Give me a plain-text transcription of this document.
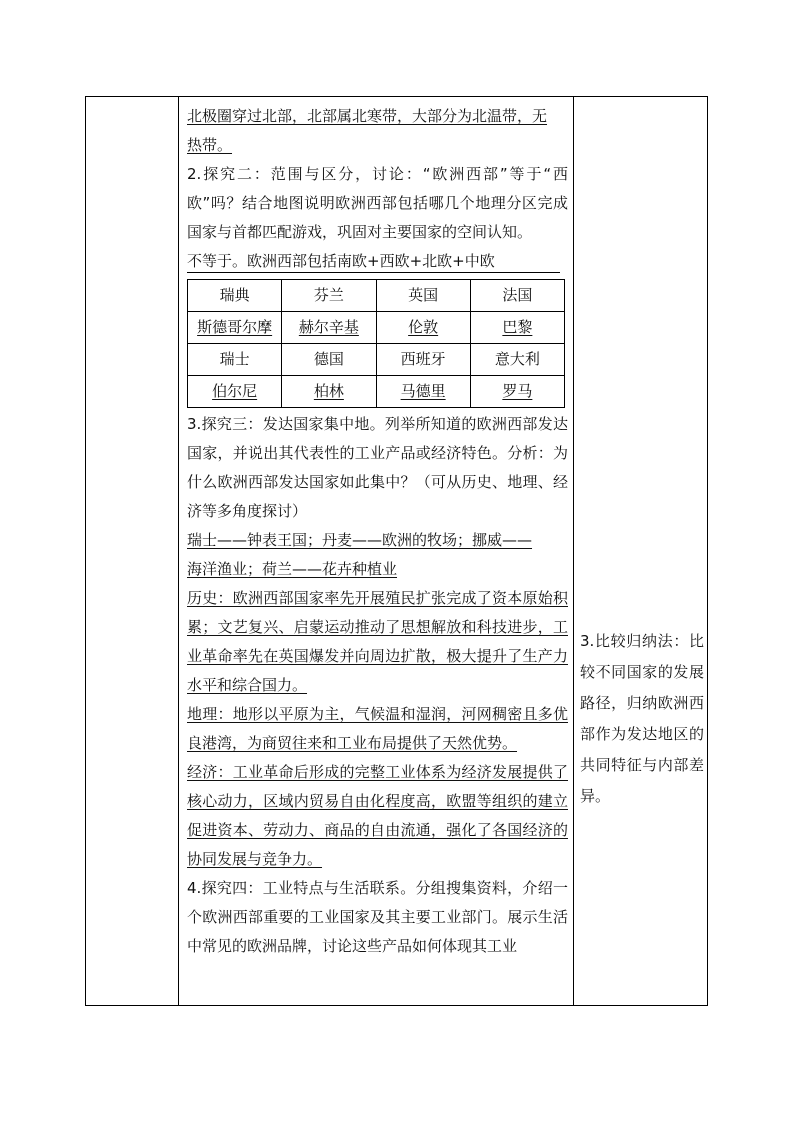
北极圈穿过北部，北部属北寒带，大部分为北温带，无
热带。

2.探究二：范围与区分，讨论：“欧洲西部”等于“西欧”吗？结合地图说明欧洲西部包括哪几个地理分区完成国家与首都匹配游戏，巩固对主要国家的空间认知。

不等于。欧洲西部包括南欧+西欧+北欧+中欧

瑞典	芬兰	英国	法国
斯德哥尔摩	赫尔辛基	伦敦	巴黎
瑞士	德国	西班牙	意大利
伯尔尼	柏林	马德里	罗马

3.探究三：发达国家集中地。列举所知道的欧洲西部发达国家，并说出其代表性的工业产品或经济特色。分析：为什么欧洲西部发达国家如此集中？（可从历史、地理、经济等多角度探讨）

瑞士——钟表王国；丹麦——欧洲的牧场；挪威——
海洋渔业；荷兰——花卉种植业

历史：欧洲西部国家率先开展殖民扩张完成了资本原始积累；文艺复兴、启蒙运动推动了思想解放和科技进步，工业革命率先在英国爆发并向周边扩散，极大提升了生产力水平和综合国力。

地理：地形以平原为主，气候温和湿润，河网稠密且多优良港湾，为商贸往来和工业布局提供了天然优势。

经济：工业革命后形成的完整工业体系为经济发展提供了核心动力，区域内贸易自由化程度高，欧盟等组织的建立促进资本、劳动力、商品的自由流通，强化了各国经济的协同发展与竞争力。

4.探究四：工业特点与生活联系。分组搜集资料，介绍一个欧洲西部重要的工业国家及其主要工业部门。展示生活中常见的欧洲品牌，讨论这些产品如何体现其工业

3.比较归纳法：比较不同国家的发展路径，归纳欧洲西部作为发达地区的共同特征与内部差异。
